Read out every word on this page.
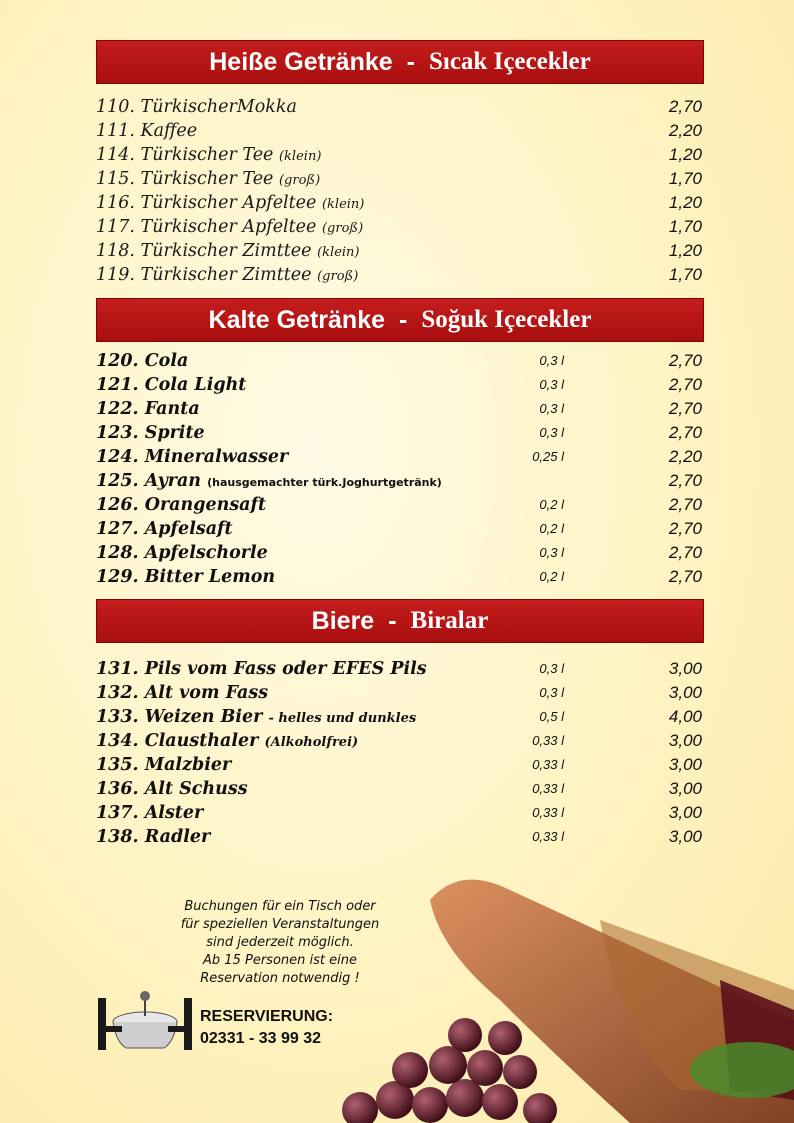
Heiße Getränke - Sıcak Içecekler
110. TürkischerMokka	2,70
111. Kaffee	2,20
114. Türkischer Tee (klein)	1,20
115. Türkischer Tee (groß)	1,70
116. Türkischer Apfeltee (klein)	1,20
117. Türkischer Apfeltee (groß)	1,70
118. Türkischer Zimttee (klein)	1,20
119. Türkischer Zimttee (groß)	1,70
Kalte Getränke - Soğuk Içecekler
120. Cola	0,3 l	2,70
121. Cola Light	0,3 l	2,70
122. Fanta	0,3 l	2,70
123. Sprite	0,3 l	2,70
124. Mineralwasser	0,25 l	2,20
125. Ayran (hausgemachter türk.Joghurtgetränk)	2,70
126. Orangensaft	0,2 l	2,70
127. Apfelsaft	0,2 l	2,70
128. Apfelschorle	0,3 l	2,70
129. Bitter Lemon	0,2 l	2,70
Biere - Biralar
131. Pils vom Fass oder EFES Pils	0,3 l	3,00
132. Alt vom Fass	0,3 l	3,00
133. Weizen Bier - helles und dunkles	0,5 l	4,00
134. Clausthaler (Alkoholfrei)	0,33 l	3,00
135. Malzbier	0,33 l	3,00
136. Alt Schuss	0,33 l	3,00
137. Alster	0,33 l	3,00
138. Radler	0,33 l	3,00
Buchungen für ein Tisch oder
für speziellen Veranstaltungen
sind jederzeit möglich.
Ab 15 Personen ist eine
Reservation notwendig !
RESERVIERUNG:
02331 - 33 99 32
